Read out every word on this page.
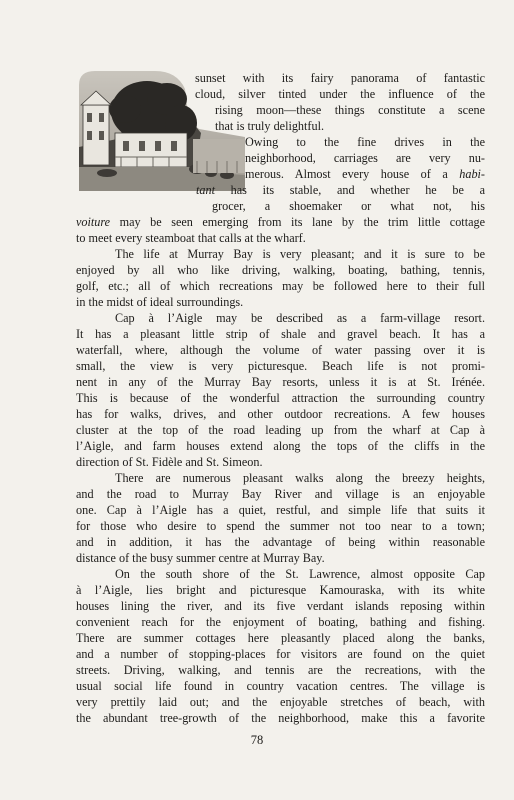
sunset with its fairy panorama of fantastic
cloud, silver tinted under the influence of the
rising moon—these things constitute a scene
that is truly delightful.
Owing to the fine drives in the
neighborhood, carriages are very nu-
merous. Almost every house of a habi-
tant has its stable, and whether he be a
grocer, a shoemaker or what not, his
voiture may be seen emerging from its lane by the trim little cottage
to meet every steamboat that calls at the wharf.
The life at Murray Bay is very pleasant; and it is sure to be
enjoyed by all who like driving, walking, boating, bathing, tennis,
golf, etc.; all of which recreations may be followed here to their full
in the midst of ideal surroundings.
Cap à l’Aigle may be described as a farm-village resort.
It has a pleasant little strip of shale and gravel beach. It has a
waterfall, where, although the volume of water passing over it is
small, the view is very picturesque. Beach life is not promi-
nent in any of the Murray Bay resorts, unless it is at St. Irénée.
This is because of the wonderful attraction the surrounding country
has for walks, drives, and other outdoor recreations. A few houses
cluster at the top of the road leading up from the wharf at Cap à
l’Aigle, and farm houses extend along the tops of the cliffs in the
direction of St. Fidèle and St. Simeon.
There are numerous pleasant walks along the breezy heights,
and the road to Murray Bay River and village is an enjoyable
one. Cap à l’Aigle has a quiet, restful, and simple life that suits it
for those who desire to spend the summer not too near to a town;
and in addition, it has the advantage of being within reasonable
distance of the busy summer centre at Murray Bay.
On the south shore of the St. Lawrence, almost opposite Cap
à l’Aigle, lies bright and picturesque Kamouraska, with its white
houses lining the river, and its five verdant islands reposing within
convenient reach for the enjoyment of boating, bathing and fishing.
There are summer cottages here pleasantly placed along the banks,
and a number of stopping-places for visitors are found on the quiet
streets. Driving, walking, and tennis are the recreations, with the
usual social life found in country vacation centres. The village is
very prettily laid out; and the enjoyable stretches of beach, with
the abundant tree-growth of the neighborhood, make this a favorite
78
